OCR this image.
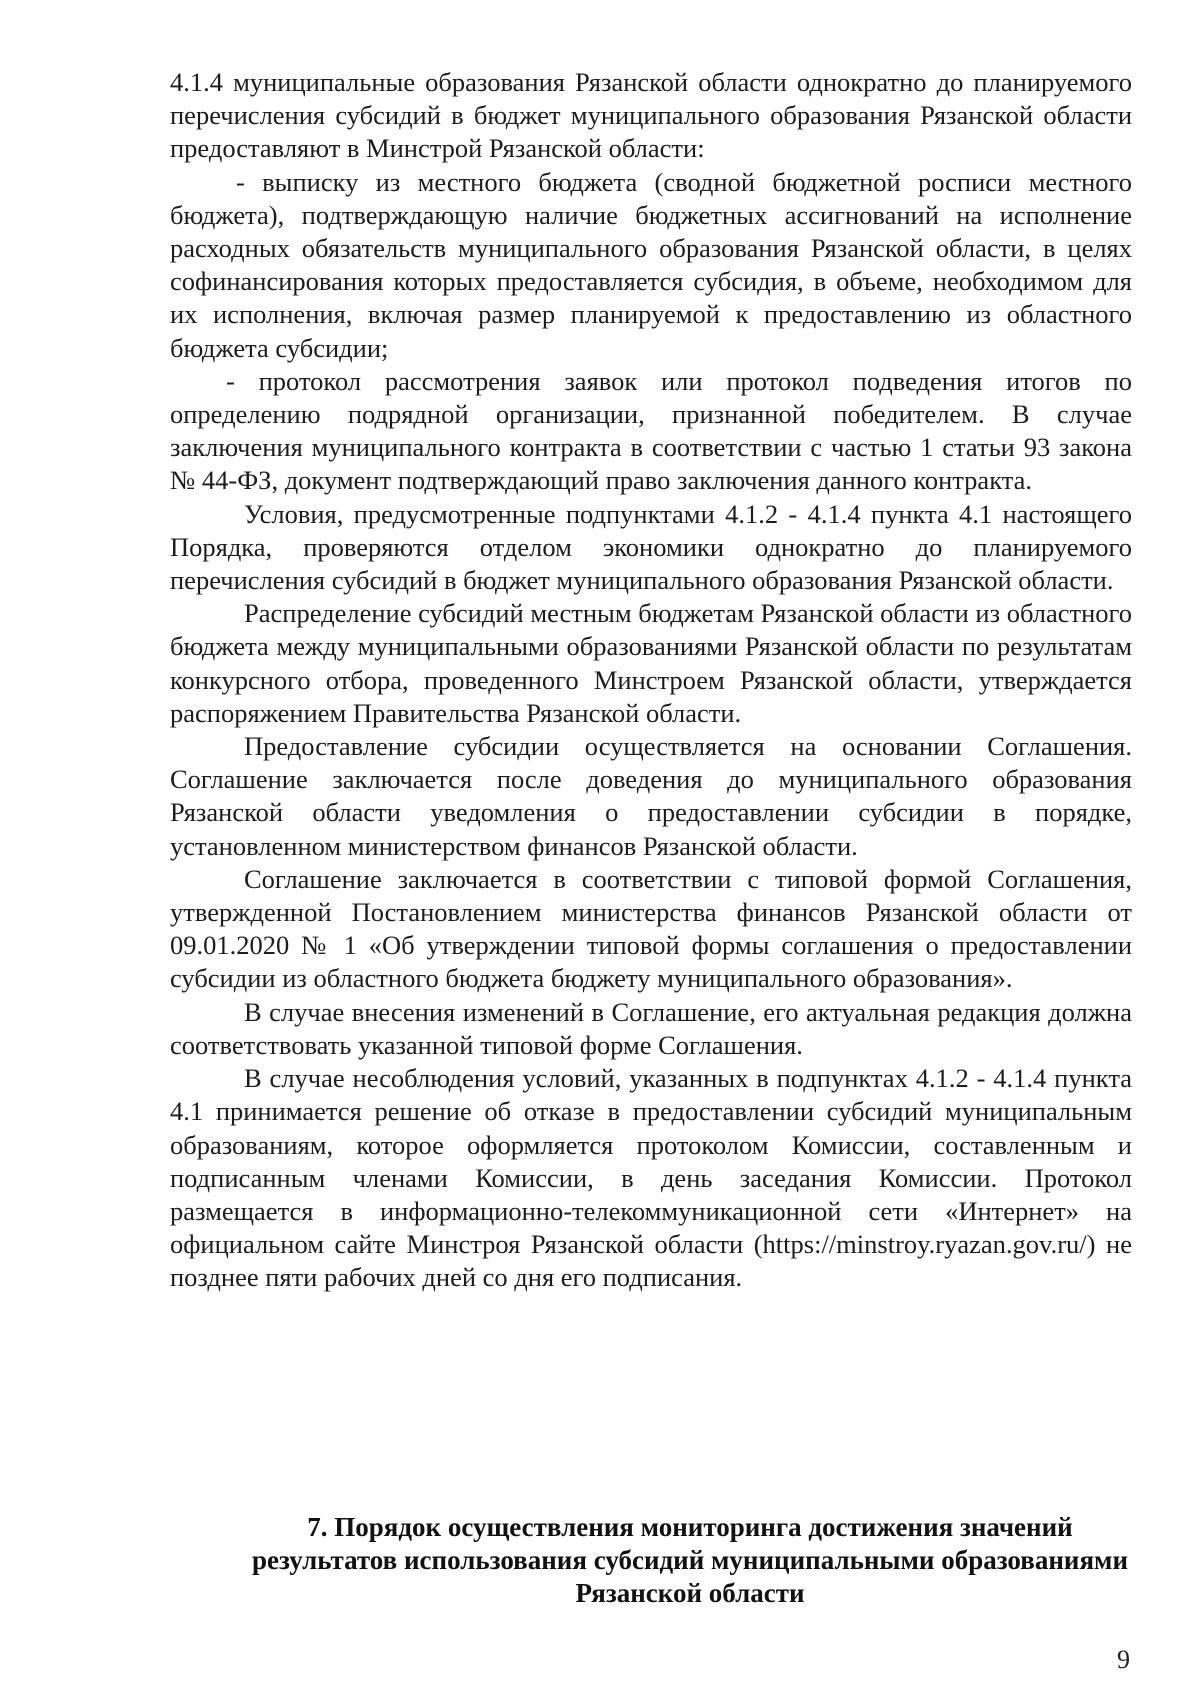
4.1.4 муниципальные образования Рязанской области однократно до планируемого перечисления субсидий в бюджет муниципального образования Рязанской области предоставляют в Минстрой Рязанской области:

- выписку из местного бюджета (сводной бюджетной росписи местного бюджета), подтверждающую наличие бюджетных ассигнований на исполнение расходных обязательств муниципального образования Рязанской области, в целях софинансирования которых предоставляется субсидия, в объеме, необходимом для их исполнения, включая размер планируемой к предоставлению из областного бюджета субсидии;

- протокол рассмотрения заявок или протокол подведения итогов по определению подрядной организации, признанной победителем. В случае заключения муниципального контракта в соответствии с частью 1 статьи 93 закона № 44-ФЗ, документ подтверждающий право заключения данного контракта.

Условия, предусмотренные подпунктами 4.1.2 - 4.1.4 пункта 4.1 настоящего Порядка, проверяются отделом экономики однократно до планируемого перечисления субсидий в бюджет муниципального образования Рязанской области.

Распределение субсидий местным бюджетам Рязанской области из областного бюджета между муниципальными образованиями Рязанской области по результатам конкурсного отбора, проведенного Минстроем Рязанской области, утверждается распоряжением Правительства Рязанской области.

Предоставление субсидии осуществляется на основании Соглашения. Соглашение заключается после доведения до муниципального образования Рязанской области уведомления о предоставлении субсидии в порядке, установленном министерством финансов Рязанской области.

Соглашение заключается в соответствии с типовой формой Соглашения, утвержденной Постановлением министерства финансов Рязанской области от 09.01.2020 № 1 «Об утверждении типовой формы соглашения о предоставлении субсидии из областного бюджета бюджету муниципального образования».

В случае внесения изменений в Соглашение, его актуальная редакция должна соответствовать указанной типовой форме Соглашения.

В случае несоблюдения условий, указанных в подпунктах 4.1.2 - 4.1.4 пункта 4.1 принимается решение об отказе в предоставлении субсидий муниципальным образованиям, которое оформляется протоколом Комиссии, составленным и подписанным членами Комиссии, в день заседания Комиссии. Протокол размещается в информационно-телекоммуникационной сети «Интернет» на официальном сайте Минстроя Рязанской области (https://minstroy.ryazan.gov.ru/) не позднее пяти рабочих дней со дня его подписания.

7. Порядок осуществления мониторинга достижения значений результатов использования субсидий муниципальными образованиями Рязанской области
9
